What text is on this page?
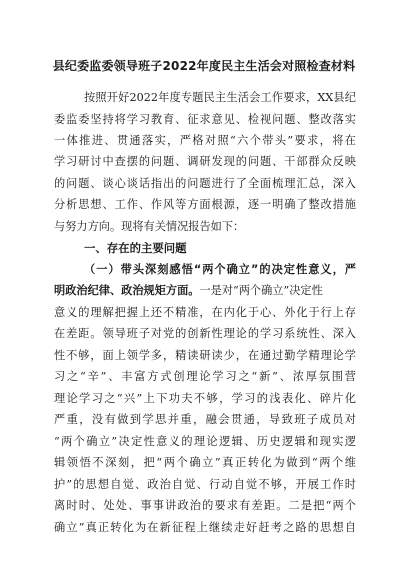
县纪委监委领导班子2022年度民主生活会对照检查材料
按照开好2022年度专题民主生活会工作要求，XX县纪
委监委坚持将学习教育、征求意见、检视问题、整改落实
一体推进、贯通落实，严格对照“六个带头”要求，将在
学习研讨中查摆的问题、调研发现的问题、干部群众反映
的问题、谈心谈话指出的问题进行了全面梳理汇总，深入
分析思想、工作、作风等方面根源，逐一明确了整改措施
与努力方向。现将有关情况报告如下：
一、存在的主要问题
（一）带头深刻感悟“两个确立”的决定性意义，严
明政治纪律、政治规矩方面。一是对“两个确立”决定性
意义的理解把握上还不精准，在内化于心、外化于行上存
在差距。领导班子对党的创新性理论的学习系统性、深入
性不够，面上领学多，精读研读少，在通过勤学精理论学
习之“辛”、丰富方式创理论学习之“新”、浓厚氛围营
理论学习之“兴”上下功夫不够，学习的浅表化、碎片化
严重，没有做到学思并重，融会贯通，导致班子成员对
“两个确立”决定性意义的理论逻辑、历史逻辑和现实逻
辑领悟不深刻，把“两个确立”真正转化为做到“两个维
护”的思想自觉、政治自觉、行动自觉不够，开展工作时
离时时、处处、事事讲政治的要求有差距。二是把“两个
确立”真正转化为在新征程上继续走好赶考之路的思想自
